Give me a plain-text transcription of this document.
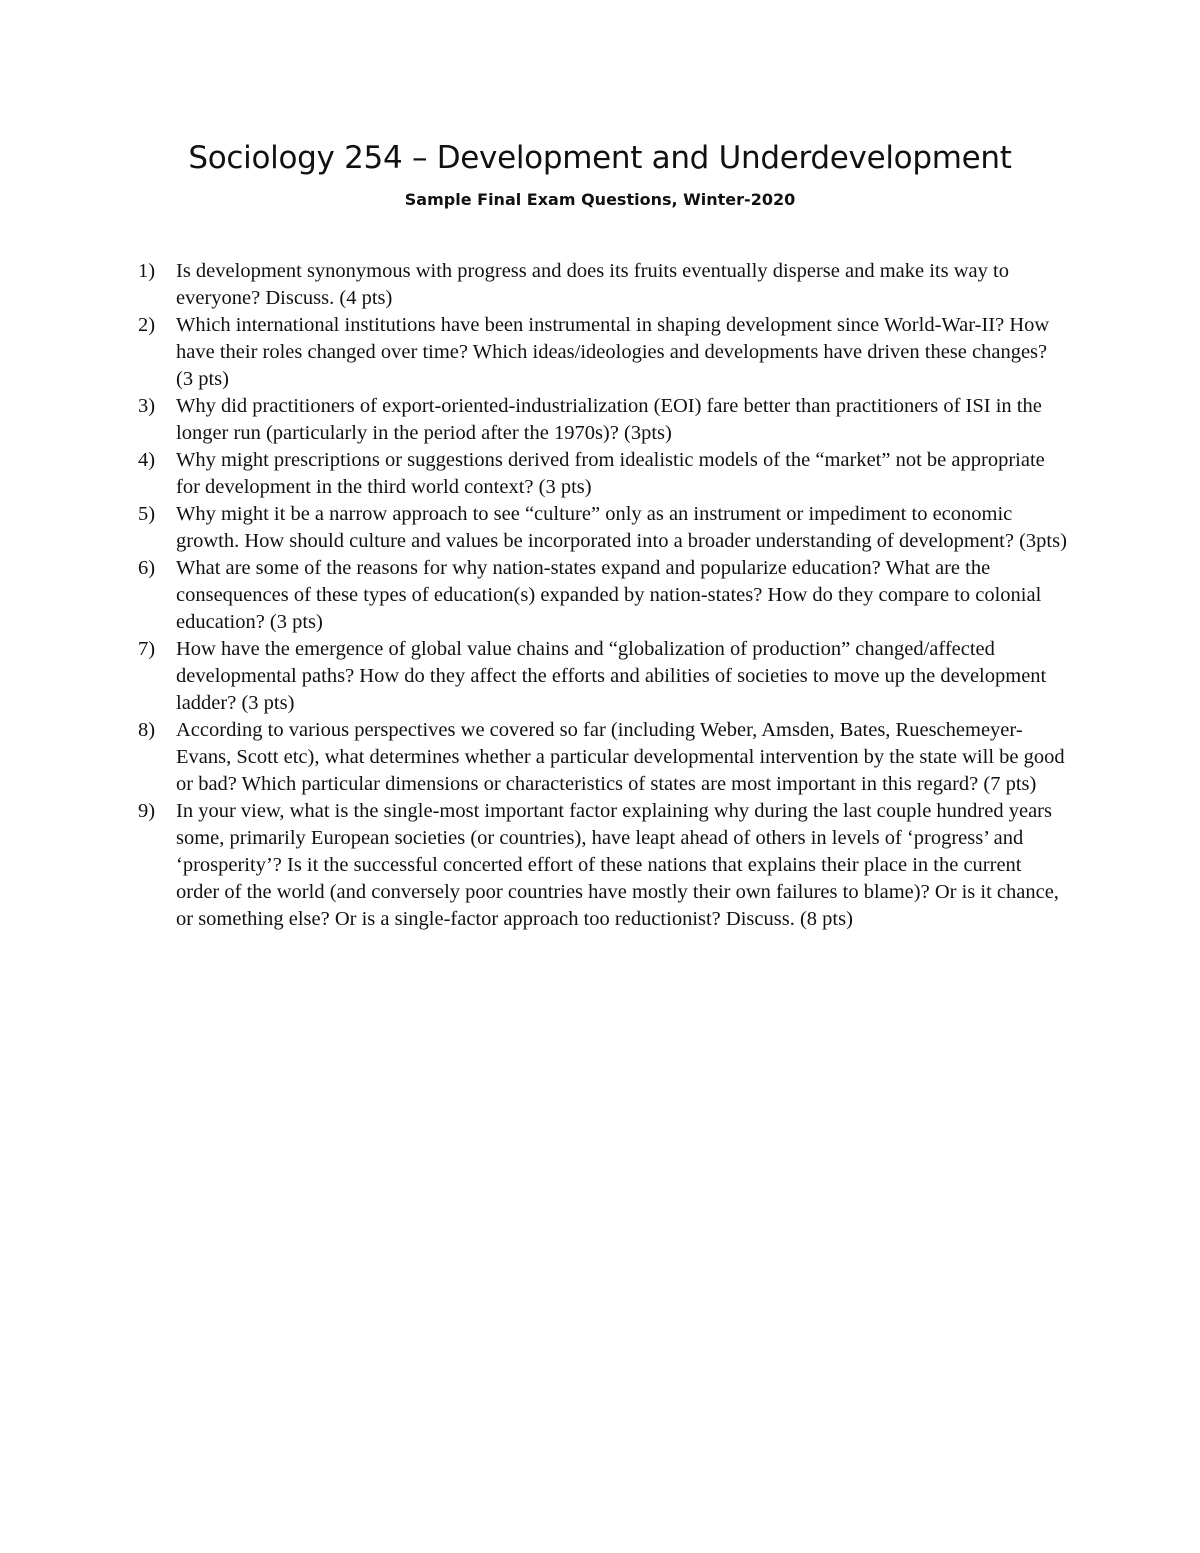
Sociology 254 – Development and Underdevelopment
Sample Final Exam Questions, Winter-2020
1)	Is development synonymous with progress and does its fruits eventually disperse and make its way to everyone? Discuss. (4 pts)
2)	Which international institutions have been instrumental in shaping development since World-War-II? How have their roles changed over time? Which ideas/ideologies and developments have driven these changes? (3 pts)
3)	Why did practitioners of export-oriented-industrialization (EOI) fare better than practitioners of ISI in the longer run (particularly in the period after the 1970s)? (3pts)
4)	Why might prescriptions or suggestions derived from idealistic models of the “market” not be appropriate for development in the third world context? (3 pts)
5)	Why might it be a narrow approach to see “culture” only as an instrument or impediment to economic growth. How should culture and values be incorporated into a broader understanding of development? (3pts)
6)	What are some of the reasons for why nation-states expand and popularize education? What are the consequences of these types of education(s) expanded by nation-states? How do they compare to colonial education? (3 pts)
7)	How have the emergence of global value chains and “globalization of production” changed/affected developmental paths? How do they affect the efforts and abilities of societies to move up the development ladder? (3 pts)
8)	According to various perspectives we covered so far (including Weber, Amsden, Bates, Rueschemeyer-Evans, Scott etc), what determines whether a particular developmental intervention by the state will be good or bad? Which particular dimensions or characteristics of states are most important in this regard? (7 pts)
9)	In your view, what is the single-most important factor explaining why during the last couple hundred years some, primarily European societies (or countries), have leapt ahead of others in levels of ‘progress’ and ‘prosperity’? Is it the successful concerted effort of these nations that explains their place in the current order of the world (and conversely poor countries have mostly their own failures to blame)? Or is it chance, or something else? Or is a single-factor approach too reductionist? Discuss. (8 pts)
